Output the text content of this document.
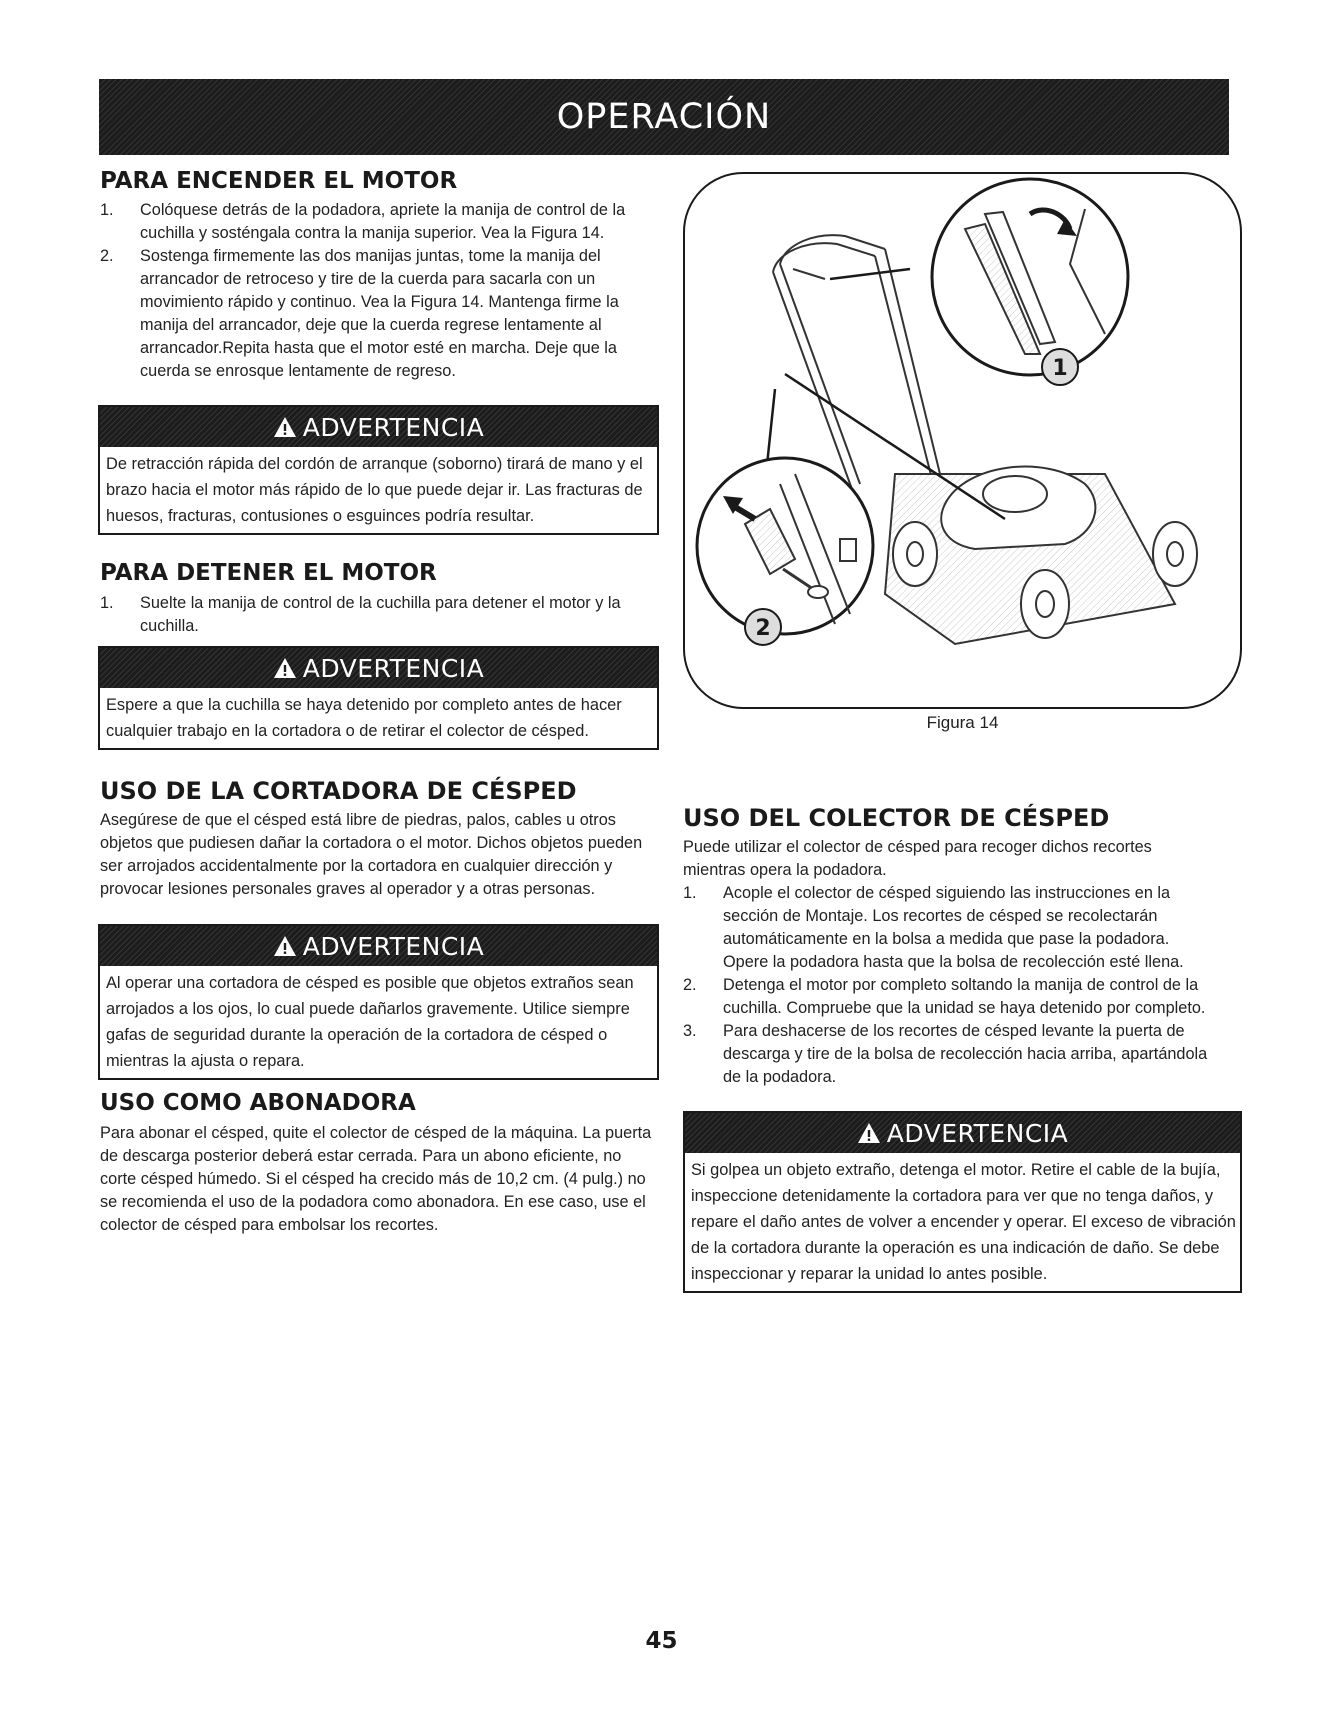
OPERACIÓN
PARA ENCENDER EL MOTOR
1. Colóquese detrás de la podadora, apriete la manija de control de la cuchilla y sosténgala contra la manija superior. Vea la Figura 14.
2. Sostenga firmemente las dos manijas juntas, tome la manija del arrancador de retroceso y tire de la cuerda para sacarla con un movimiento rápido y continuo. Vea la Figura 14. Mantenga firme la manija del arrancador, deje que la cuerda regrese lentamente al arrancador.Repita hasta que el motor esté en marcha. Deje que la cuerda se enrosque lentamente de regreso.
ADVERTENCIA
De retracción rápida del cordón de arranque (soborno) tirará de mano y el brazo hacia el motor más rápido de lo que puede dejar ir. Las fracturas de huesos, fracturas, contusiones o esguinces podría resultar.
PARA DETENER EL MOTOR
1. Suelte la manija de control de la cuchilla para detener el motor y la cuchilla.
ADVERTENCIA
Espere a que la cuchilla se haya detenido por completo antes de hacer cualquier trabajo en la cortadora o de retirar el colector de césped.
1
2
Figura 14
USO DE LA CORTADORA DE CÉSPED
Asegúrese de que el césped está libre de piedras, palos, cables u otros objetos que pudiesen dañar la cortadora o el motor. Dichos objetos pueden ser arrojados accidentalmente por la cortadora en cualquier dirección y provocar lesiones personales graves al operador y a otras personas.
ADVERTENCIA
Al operar una cortadora de césped es posible que objetos extraños sean arrojados a los ojos, lo cual puede dañarlos gravemente. Utilice siempre gafas de seguridad durante la operación de la cortadora de césped o mientras la ajusta o repara.
USO COMO ABONADORA
Para abonar el césped, quite el colector de césped de la máquina. La puerta de descarga posterior deberá estar cerrada. Para un abono eficiente, no corte césped húmedo. Si el césped ha crecido más de 10,2 cm. (4 pulg.) no se recomienda el uso de la podadora como abonadora. En ese caso, use el colector de césped para embolsar los recortes.
USO DEL COLECTOR DE CÉSPED
Puede utilizar el colector de césped para recoger dichos recortes mientras opera la podadora.
1. Acople el colector de césped siguiendo las instrucciones en la sección de Montaje. Los recortes de césped se recolectarán automáticamente en la bolsa a medida que pase la podadora. Opere la podadora hasta que la bolsa de recolección esté llena.
2. Detenga el motor por completo soltando la manija de control de la cuchilla. Compruebe que la unidad se haya detenido por completo.
3. Para deshacerse de los recortes de césped levante la puerta de descarga y tire de la bolsa de recolección hacia arriba, apartándola de la podadora.
ADVERTENCIA
Si golpea un objeto extraño, detenga el motor. Retire el cable de la bujía, inspeccione detenidamente la cortadora para ver que no tenga daños, y repare el daño antes de volver a encender y operar. El exceso de vibración de la cortadora durante la operación es una indicación de daño. Se debe inspeccionar y reparar la unidad lo antes posible.
45
